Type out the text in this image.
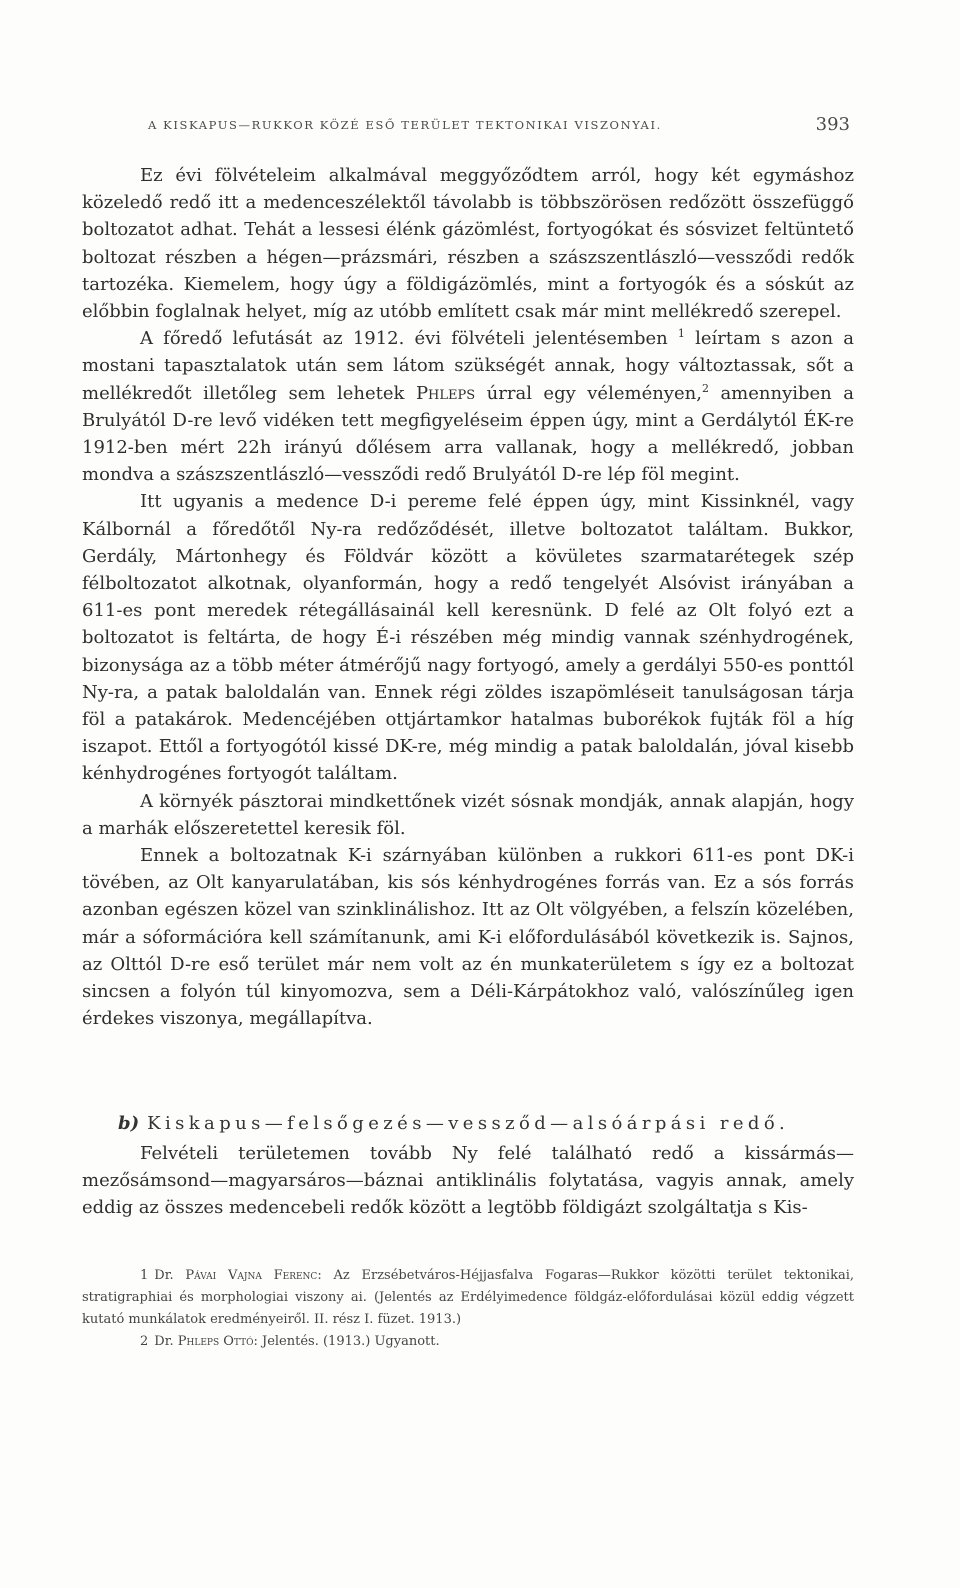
A KISKAPUS—RUKKOR KÖZÉ ESŐ TERÜLET TEKTONIKAI VISZONYAI.	393

Ez évi fölvételeim alkalmával meggyőződtem arról, hogy két egymáshoz közeledő redő itt a medenceszélektől távolabb is többszörösen redőzött összefüggő boltozatot adhat. Tehát a lessesi élénk gázömlést, fortyogókat és sósvizet feltüntető boltozat részben a hégen—prázsmári, részben a szászszentlászló—vessződi redők tartozéka. Kiemelem, hogy úgy a földigázömlés, mint a fortyogók és a sóskút az előbbin foglalnak helyet, míg az utóbb említett csak már mint mellékredő szerepel.

A főredő lefutását az 1912. évi fölvételi jelentésemben $^1$ leírtam s azon a mostani tapasztalatok után sem látom szükségét annak, hogy változtassak, sőt a mellékredőt illetőleg sem lehetek Phleps úrral egy véleményen,$^2$ amennyiben a Brulyától D-re levő vidéken tett megfigyeléseim éppen úgy, mint a Gerdálytól ÉK-re 1912-ben mért 22h irányú dőlésem arra vallanak, hogy a mellékredő, jobban mondva a szászszentlászló—vessződi redő Brulyától D-re lép föl megint.

Itt ugyanis a medence D-i pereme felé éppen úgy, mint Kissinknél, vagy Kálbornál a főredőtől Ny-ra redőződését, illetve boltozatot találtam. Bukkor, Gerdály, Mártonhegy és Földvár között a kövületes szarmatarétegek szép félboltozatot alkotnak, olyanformán, hogy a redő tengelyét Alsóvist irányában a 611-es pont meredek rétegállásainál kell keresnünk. D felé az Olt folyó ezt a boltozatot is feltárta, de hogy É-i részében még mindig vannak szénhydrogének, bizonysága az a több méter átmérőjű nagy fortyogó, amely a gerdályi 550-es ponttól Ny-ra, a patak baloldalán van. Ennek régi zöldes iszapömléseit tanulságosan tárja föl a patakárok. Medencéjében ottjártamkor hatalmas buborékok fujták föl a híg iszapot. Ettől a fortyogótól kissé DK-re, még mindig a patak baloldalán, jóval kisebb kénhydrogénes fortyogót találtam.

A környék pásztorai mindkettőnek vizét sósnak mondják, annak alapján, hogy a marhák előszeretettel keresik föl.

Ennek a boltozatnak K-i szárnyában különben a rukkori 611-es pont DK-i tövében, az Olt kanyarulatában, kis sós kénhydrogénes forrás van. Ez a sós forrás azonban egészen közel van szinklinálishoz. Itt az Olt völgyében, a felszín közelében, már a sóformációra kell számítanunk, ami K-i előfordulásából következik is. Sajnos, az Olttól D-re eső terület már nem volt az én munkaterületem s így ez a boltozat sincsen a folyón túl kinyomozva, sem a Déli-Kárpátokhoz való, valószínűleg igen érdekes viszonya, megállapítva.

b) Kiskapus—felsőgezés—vessződ—alsóárpási redő.

Felvételi területemen tovább Ny felé található redő a kissármás—mezősámsond—magyarsáros—báznai antiklinális folytatása, vagyis annak, amely eddig az összes medencebeli redők között a legtöbb földigázt szolgáltatja s Kis-

1 Dr. Pávai Vajna Ferenc: Az Erzsébetváros-Héjjasfalva Fogaras—Rukkor közötti terület tektonikai, stratigraphiai és morphologiai viszony ai. (Jelentés az Erdélyimedence földgáz-előfordulásai közül eddig végzett kutató munkálatok eredményeiről. II. rész I. füzet. 1913.)

2 Dr. Phleps Ottó: Jelentés. (1913.) Ugyanott.
